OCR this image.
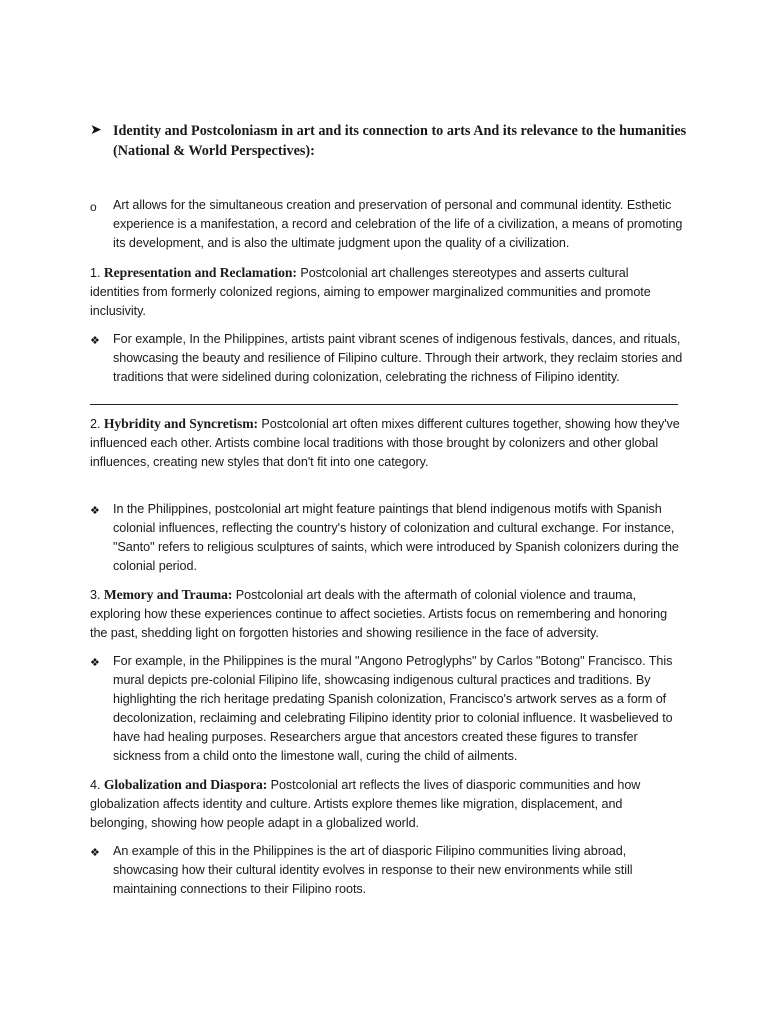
➤ Identity and Postcoloniasm in art and its connection to arts And its relevance to the humanities (National & World Perspectives):
o Art allows for the simultaneous creation and preservation of personal and communal identity. Esthetic experience is a manifestation, a record and celebration of the life of a civilization, a means of promoting its development, and is also the ultimate judgment upon the quality of a civilization.
1. Representation and Reclamation: Postcolonial art challenges stereotypes and asserts cultural identities from formerly colonized regions, aiming to empower marginalized communities and promote inclusivity.
❖ For example, In the Philippines, artists paint vibrant scenes of indigenous festivals, dances, and rituals, showcasing the beauty and resilience of Filipino culture. Through their artwork, they reclaim stories and traditions that were sidelined during colonization, celebrating the richness of Filipino identity.
2. Hybridity and Syncretism: Postcolonial art often mixes different cultures together, showing how they've influenced each other. Artists combine local traditions with those brought by colonizers and other global influences, creating new styles that don't fit into one category.
❖ In the Philippines, postcolonial art might feature paintings that blend indigenous motifs with Spanish colonial influences, reflecting the country's history of colonization and cultural exchange. For instance, "Santo" refers to religious sculptures of saints, which were introduced by Spanish colonizers during the colonial period.
3. Memory and Trauma: Postcolonial art deals with the aftermath of colonial violence and trauma, exploring how these experiences continue to affect societies. Artists focus on remembering and honoring the past, shedding light on forgotten histories and showing resilience in the face of adversity.
❖ For example, in the Philippines is the mural "Angono Petroglyphs" by Carlos "Botong" Francisco. This mural depicts pre-colonial Filipino life, showcasing indigenous cultural practices and traditions. By highlighting the rich heritage predating Spanish colonization, Francisco's artwork serves as a form of decolonization, reclaiming and celebrating Filipino identity prior to colonial influence. It wasbelieved to have had healing purposes. Researchers argue that ancestors created these figures to transfer sickness from a child onto the limestone wall, curing the child of ailments.
4. Globalization and Diaspora: Postcolonial art reflects the lives of diasporic communities and how globalization affects identity and culture. Artists explore themes like migration, displacement, and belonging, showing how people adapt in a globalized world.
❖ An example of this in the Philippines is the art of diasporic Filipino communities living abroad, showcasing how their cultural identity evolves in response to their new environments while still maintaining connections to their Filipino roots.
